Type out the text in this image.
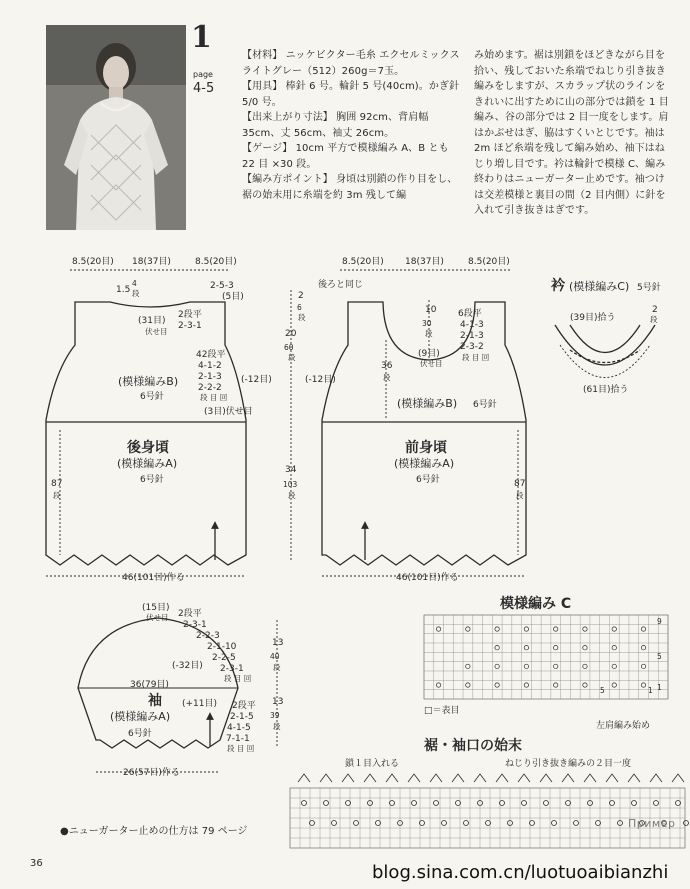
1
page
4-5

【材料】 ニッケビクター毛糸 エクセルミックス ライトグレー（512）260g＝7玉。

【用具】 棒針 6 号。輪針 5 号(40cm)。かぎ針 5/0 号。

【出来上がり寸法】 胸囲 92cm、背肩幅 35cm、丈 56cm、袖丈 26cm。

【ゲージ】 10cm 平方で模様編み A、B とも 22 目 ×30 段。

【編み方ポイント】 身頃は別鎖の作り目をし、裾の始末用に糸端を約 3m 残して編

み始めます。裾は別鎖をほどきながら目を拾い、残しておいた糸端でねじり引き抜き編みをしますが、スカラップ状のラインをきれいに出すために山の部分では鎖を 1 目編み、谷の部分では 2 目一度をします。肩はかぶせはぎ、脇はすくいとじです。袖は 2m ほど糸端を残して編み始め、袖下はねじり増し目です。衿は輪針で模様 C、編み終わりはニューガーター止めです。袖つけは交差模様と裏目の間（2 目内側）に針を入れて引き抜きはぎです。

8.5(20目) 18(37目)	8.5(20目)
1.5
4
段
2-5-3
(5目)
(31目)
伏せ目
2段平
2-3-1
42段平
4-1-2
2-1-3
2-2-2
段 目 回
(-12目)
(3目)伏せ目
(模様編みB)
6号針
後身頃
(模様編みA)
6号針
87
段
46(101目)作る
2
6
段
20
60
段
34
103
段
8.5(20目) 18(37目)	8.5(20目)
後ろと同じ
10
30
段
(9目)
伏せ目
6段平
4-1-3
2-1-3
2-3-2
段 目 回
36
段
(-12目)
(模様編みB) 6号針
前身頃
(模様編みA)
6号針	87
段
46(101目)作る
衿 (模様編みC) 5号針
(39目)拾う
2
段
(61目)拾う
(15目)
伏せ目 2段平
2-3-1
2-2-3
2-1-10
2-2-5
2-3-1
段 目 回
(-32目)
36(79目)
(+11目) 2段平
2-1-5
4-1-5
7-1-1
段 目 回
袖
(模様編みA)
6号針
13
40
段
13
39
段
26(57目)作る
模様編み C
9
5
1
5	1
□＝表目
左肩編み始め
裾・袖口の始末
鎖１目入れる	ねじり引き抜き編みの２目一度
●ニューガーター止めの仕方は 79 ページ
36
Пример
blog.sina.com.cn/luotuoaibianzhi
